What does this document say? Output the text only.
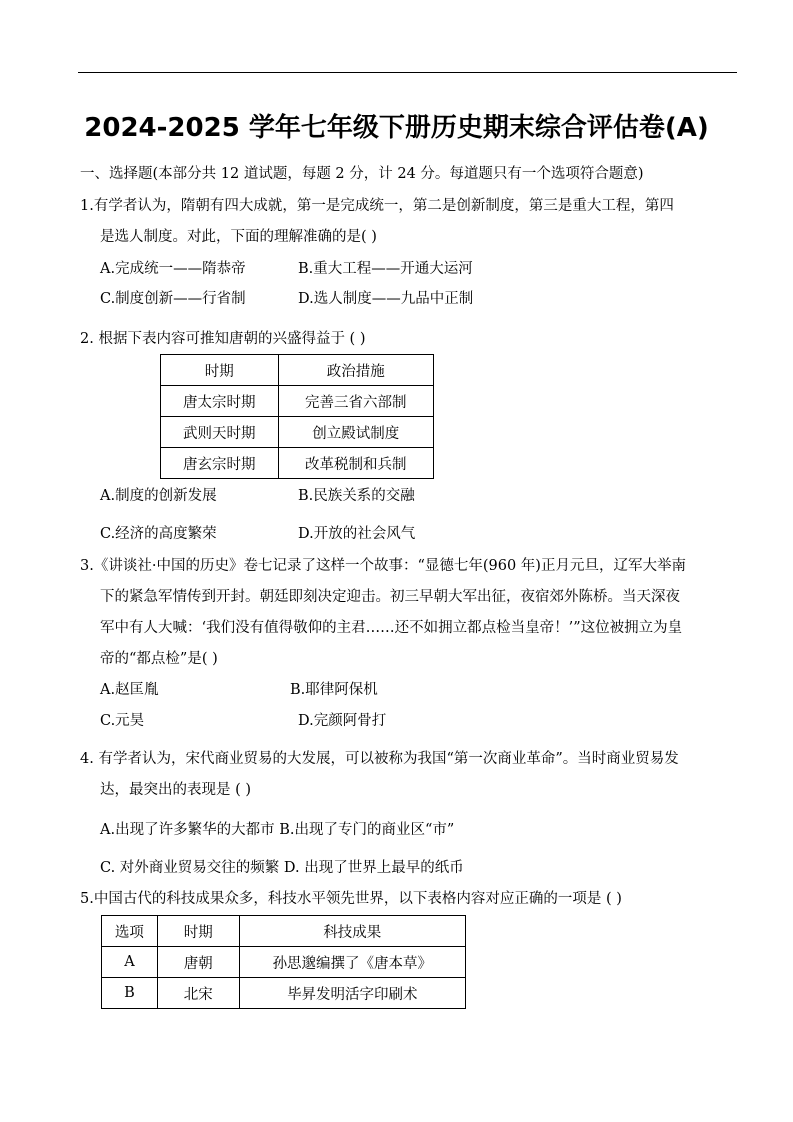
2024-2025 学年七年级下册历史期末综合评估卷(A)
一、选择题(本部分共 12 道试题，每题 2 分，计 24 分。每道题只有一个选项符合题意)
1.有学者认为，隋朝有四大成就，第一是完成统一，第二是创新制度，第三是重大工程，第四
是选人制度。对此，下面的理解准确的是( )
A.完成统一——隋恭帝	B.重大工程——开通大运河
C.制度创新——行省制	D.选人制度——九品中正制
2. 根据下表内容可推知唐朝的兴盛得益于 ( )
时期	政治措施
唐太宗时期	完善三省六部制
武则天时期	创立殿试制度
唐玄宗时期	改革税制和兵制
A.制度的创新发展	B.民族关系的交融
C.经济的高度繁荣	D.开放的社会风气
3.《讲谈社·中国的历史》卷七记录了这样一个故事：“显德七年(960 年)正月元旦，辽军大举南
下的紧急军情传到开封。朝廷即刻决定迎击。初三早朝大军出征，夜宿郊外陈桥。当天深夜
军中有人大喊：‘我们没有值得敬仰的主君……还不如拥立都点检当皇帝！’”这位被拥立为皇
帝的“都点检”是( )
A.赵匡胤	B.耶律阿保机
C.元昊	D.完颜阿骨打
4. 有学者认为，宋代商业贸易的大发展，可以被称为我国“第一次商业革命”。当时商业贸易发
达，最突出的表现是 ( )
A.出现了许多繁华的大都市 B.出现了专门的商业区“市”
C. 对外商业贸易交往的频繁 D. 出现了世界上最早的纸币
5.中国古代的科技成果众多，科技水平领先世界，以下表格内容对应正确的一项是 ( )
选项	时期	科技成果
A	唐朝	孙思邈编撰了《唐本草》
B	北宋	毕昇发明活字印刷术
